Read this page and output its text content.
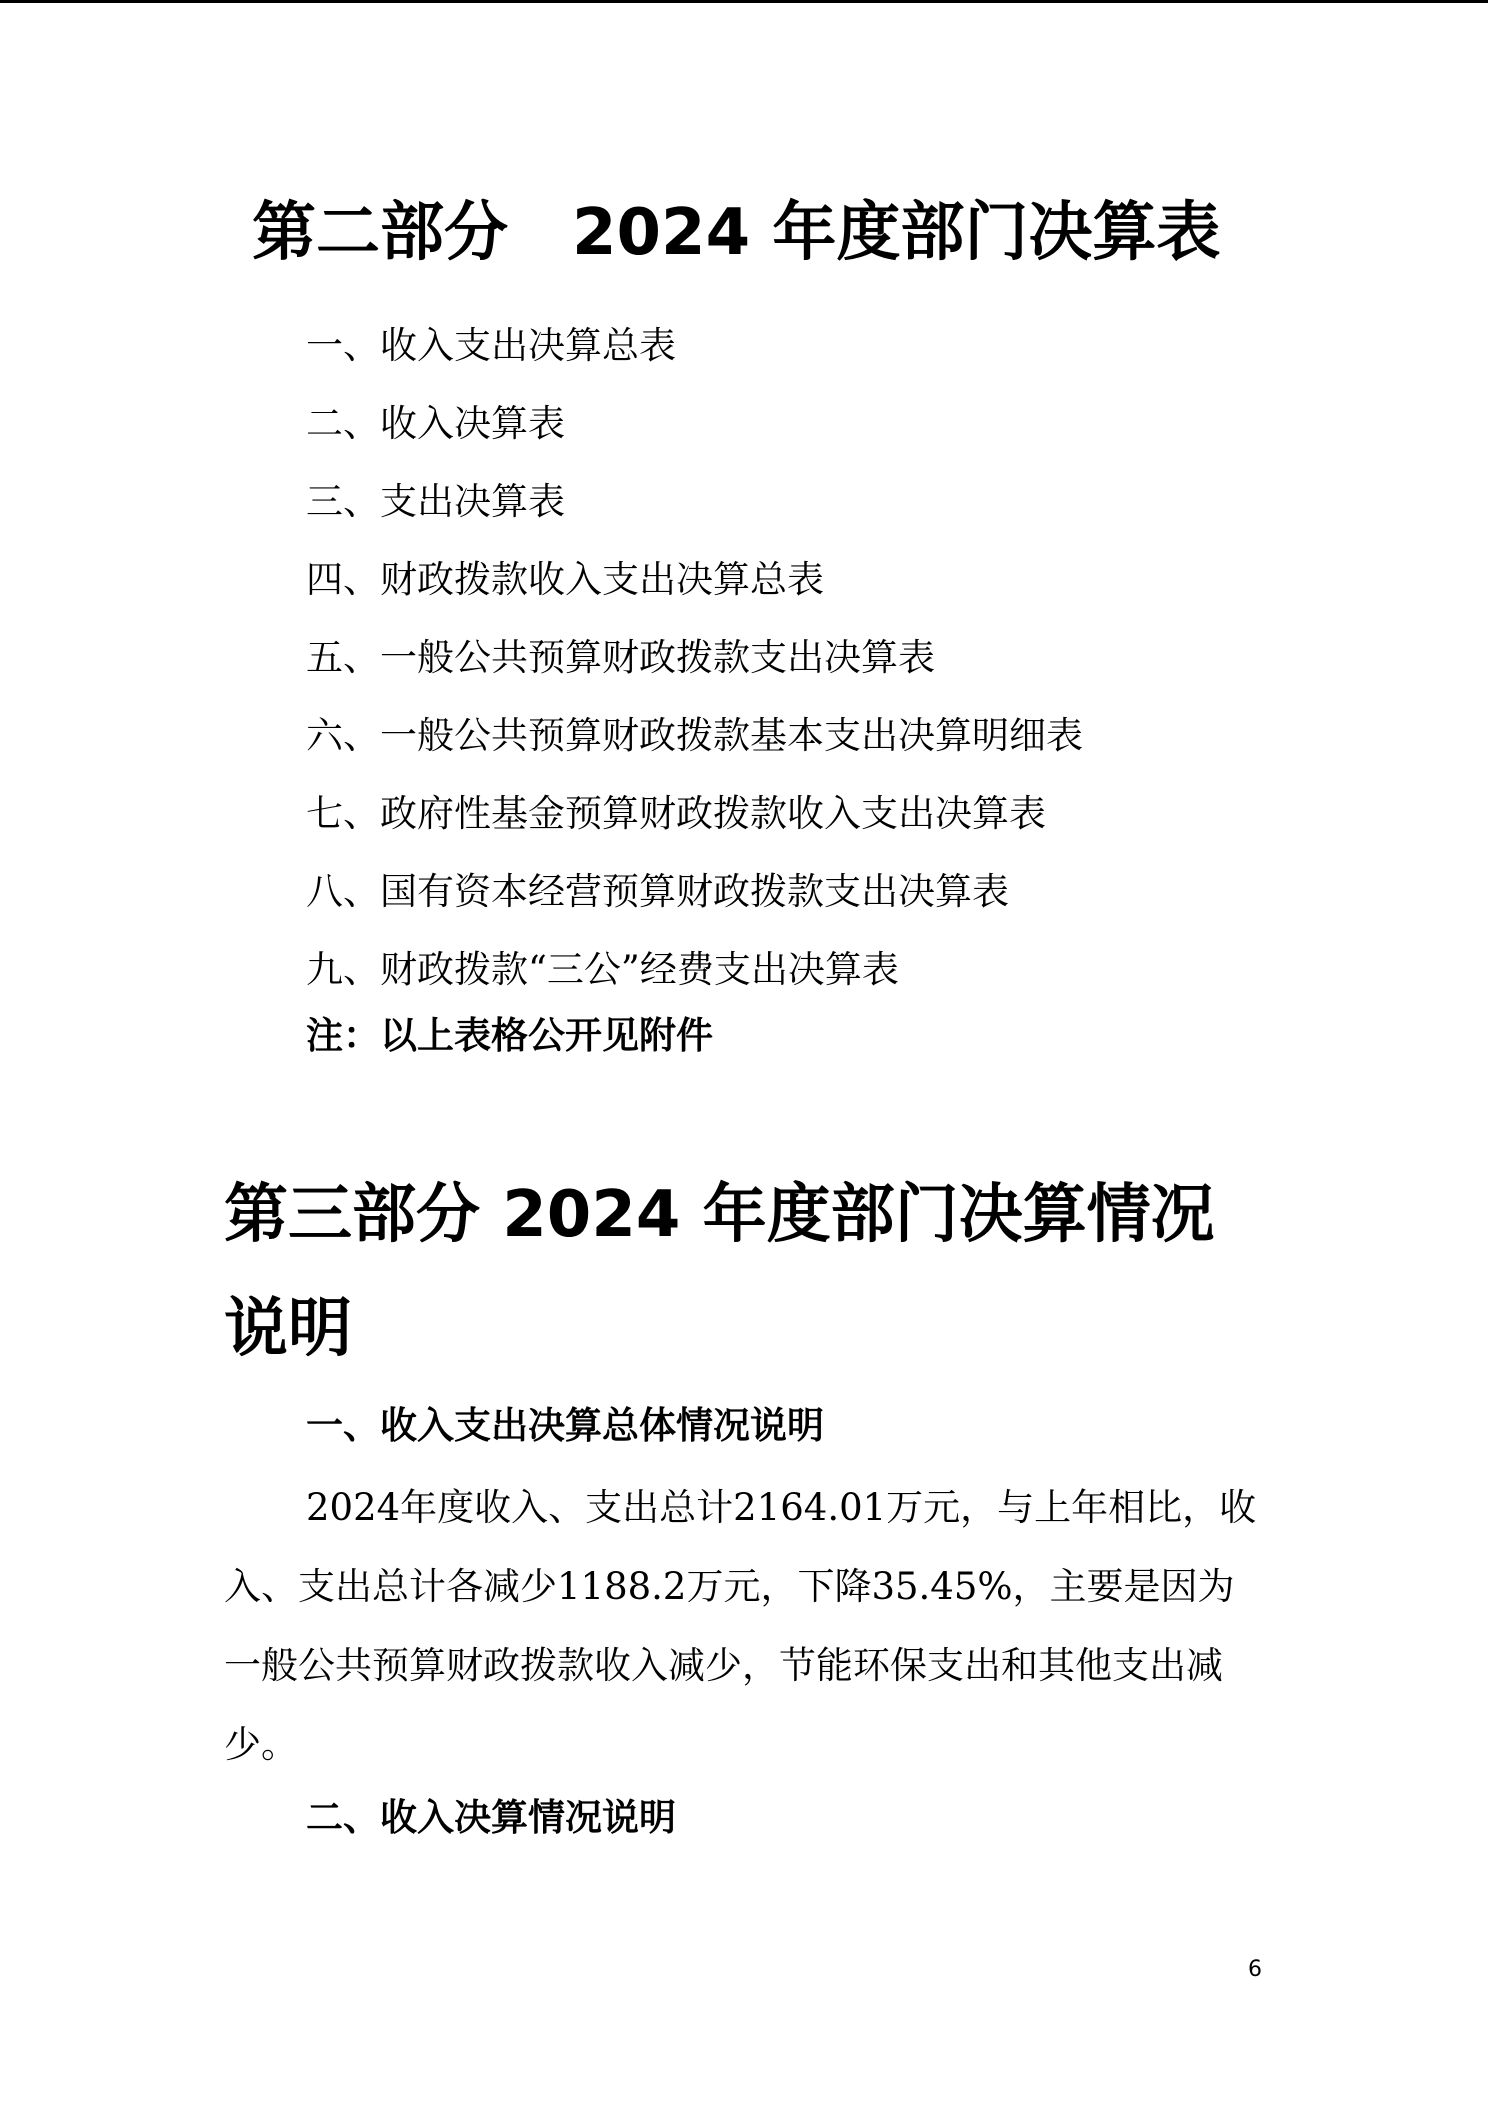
第二部分　2024 年度部门决算表
一、收入支出决算总表
二、收入决算表
三、支出决算表
四、财政拨款收入支出决算总表
五、一般公共预算财政拨款支出决算表
六、一般公共预算财政拨款基本支出决算明细表
七、政府性基金预算财政拨款收入支出决算表
八、国有资本经营预算财政拨款支出决算表
九、财政拨款“三公”经费支出决算表
注：以上表格公开见附件
第三部分 2024 年度部门决算情况说明
一、收入支出决算总体情况说明

2024年度收入、支出总计2164.01万元，与上年相比，收入、支出总计各减少1188.2万元，下降35.45%，主要是因为一般公共预算财政拨款收入减少，节能环保支出和其他支出减少。

二、收入决算情况说明
6
